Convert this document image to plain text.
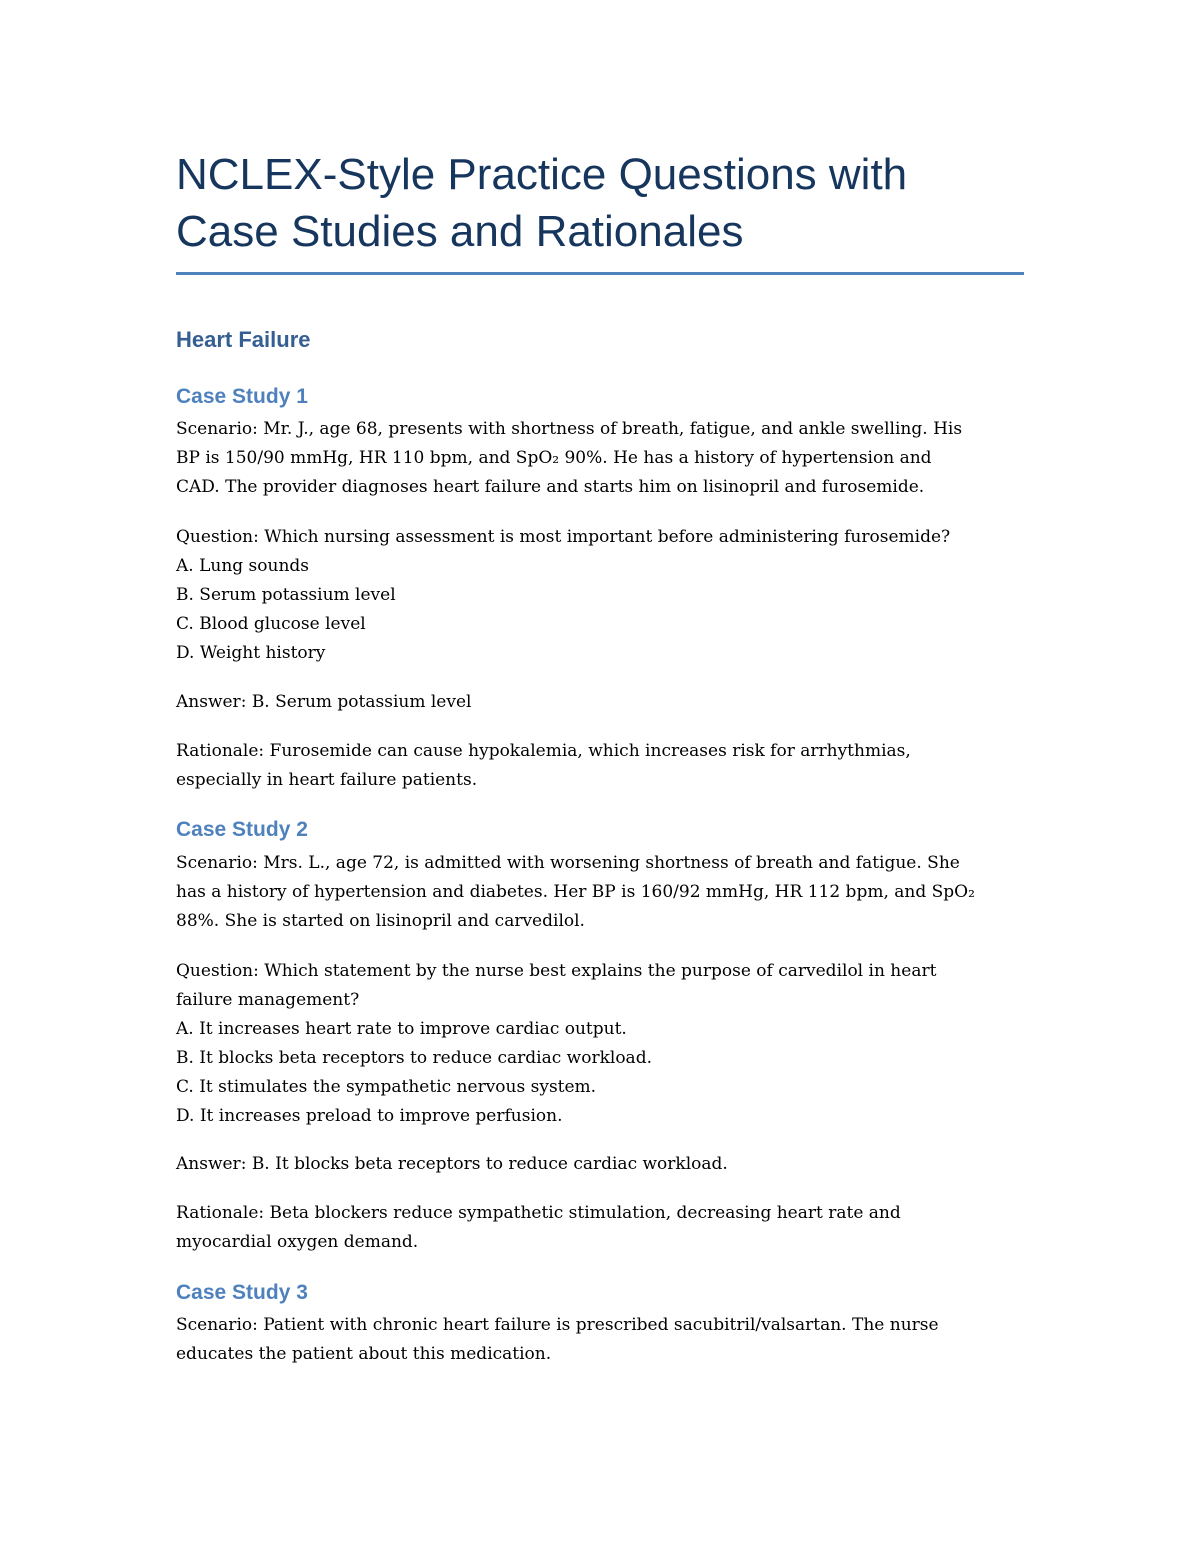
NCLEX-Style Practice Questions with
Case Studies and Rationales
Heart Failure
Case Study 1

Scenario: Mr. J., age 68, presents with shortness of breath, fatigue, and ankle swelling. His
BP is 150/90 mmHg, HR 110 bpm, and SpO₂ 90%. He has a history of hypertension and
CAD. The provider diagnoses heart failure and starts him on lisinopril and furosemide.

Question: Which nursing assessment is most important before administering furosemide?
A. Lung sounds
B. Serum potassium level
C. Blood glucose level
D. Weight history

Answer: B. Serum potassium level

Rationale: Furosemide can cause hypokalemia, which increases risk for arrhythmias,
especially in heart failure patients.

Case Study 2

Scenario: Mrs. L., age 72, is admitted with worsening shortness of breath and fatigue. She
has a history of hypertension and diabetes. Her BP is 160/92 mmHg, HR 112 bpm, and SpO₂
88%. She is started on lisinopril and carvedilol.

Question: Which statement by the nurse best explains the purpose of carvedilol in heart
failure management?
A. It increases heart rate to improve cardiac output.
B. It blocks beta receptors to reduce cardiac workload.
C. It stimulates the sympathetic nervous system.
D. It increases preload to improve perfusion.

Answer: B. It blocks beta receptors to reduce cardiac workload.

Rationale: Beta blockers reduce sympathetic stimulation, decreasing heart rate and
myocardial oxygen demand.

Case Study 3

Scenario: Patient with chronic heart failure is prescribed sacubitril/valsartan. The nurse
educates the patient about this medication.
